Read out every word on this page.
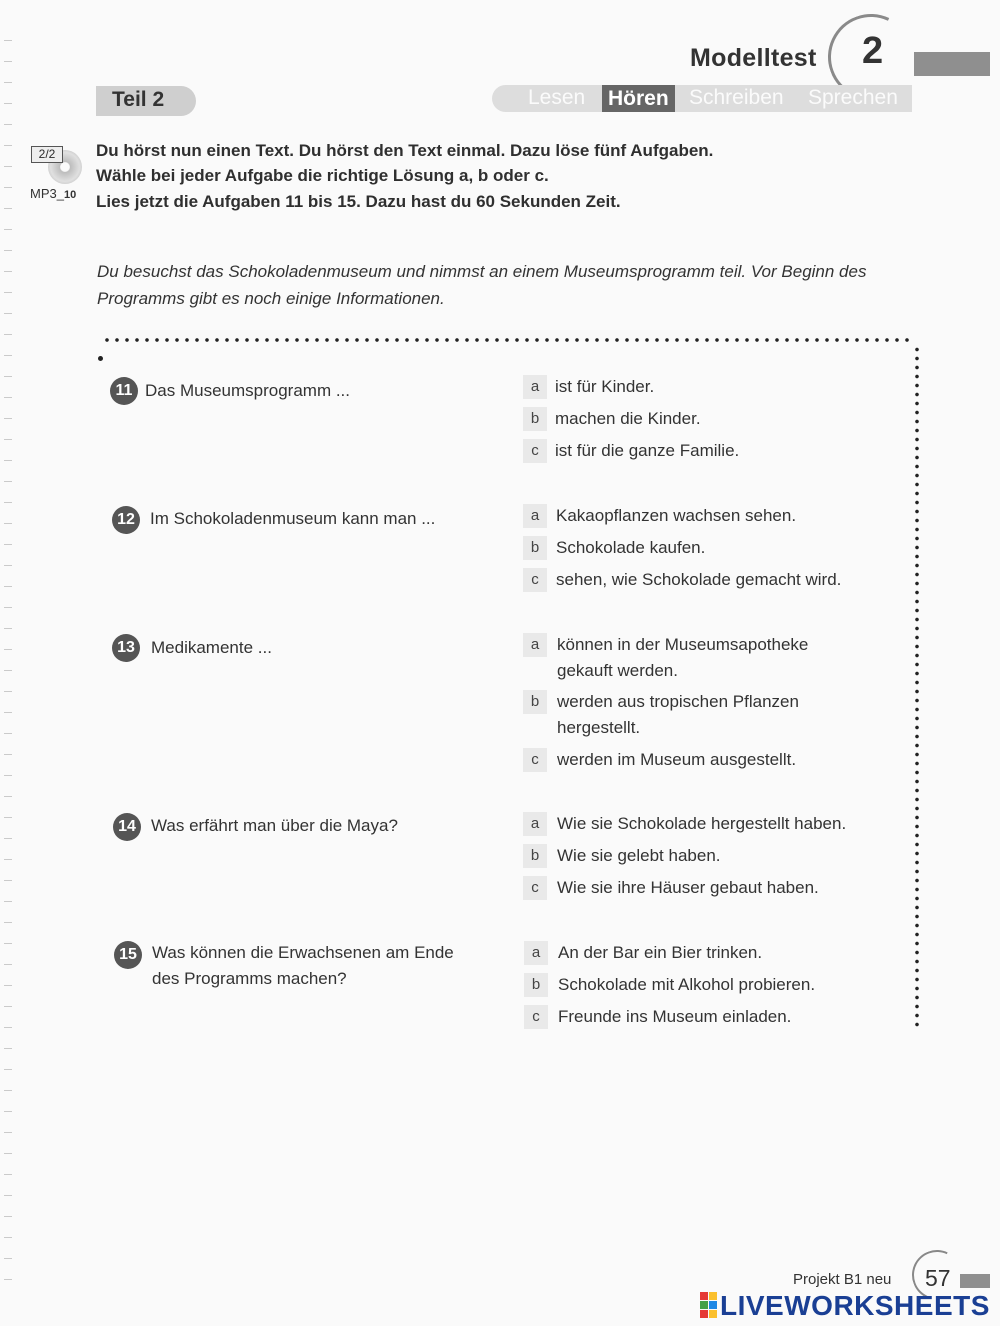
Modelltest 2
Teil 2	Lesen Hören Schreiben Sprechen
2/2
MP3_10
Du hörst nun einen Text. Du hörst den Text einmal. Dazu löse fünf Aufgaben.
Wähle bei jeder Aufgabe die richtige Lösung a, b oder c.
Lies jetzt die Aufgaben 11 bis 15. Dazu hast du 60 Sekunden Zeit.
Du besuchst das Schokoladenmuseum und nimmst an einem Museumsprogramm teil. Vor Beginn des Programms gibt es noch einige Informationen.
11 Das Museumsprogramm ...	a ist für Kinder.
b machen die Kinder.
c ist für die ganze Familie.
12 Im Schokoladenmuseum kann man ...	a Kakaopflanzen wachsen sehen.
b Schokolade kaufen.
c	sehen, wie Schokolade gemacht wird.
13 Medikamente ...	a	können in der Museumsapotheke gekauft werden.
b	werden aus tropischen Pflanzen hergestellt.
c	werden im Museum ausgestellt.
14 Was erfährt man über die Maya?	a	Wie sie Schokolade hergestellt haben.
b	Wie sie gelebt haben.
c	Wie sie ihre Häuser gebaut haben.
15 Was können die Erwachsenen am Ende des Programms machen?
a	An der Bar ein Bier trinken.
b	Schokolade mit Alkohol probieren.
c	Freunde ins Museum einladen.
Projekt B1 neu 57
LIVEWORKSHEETS
